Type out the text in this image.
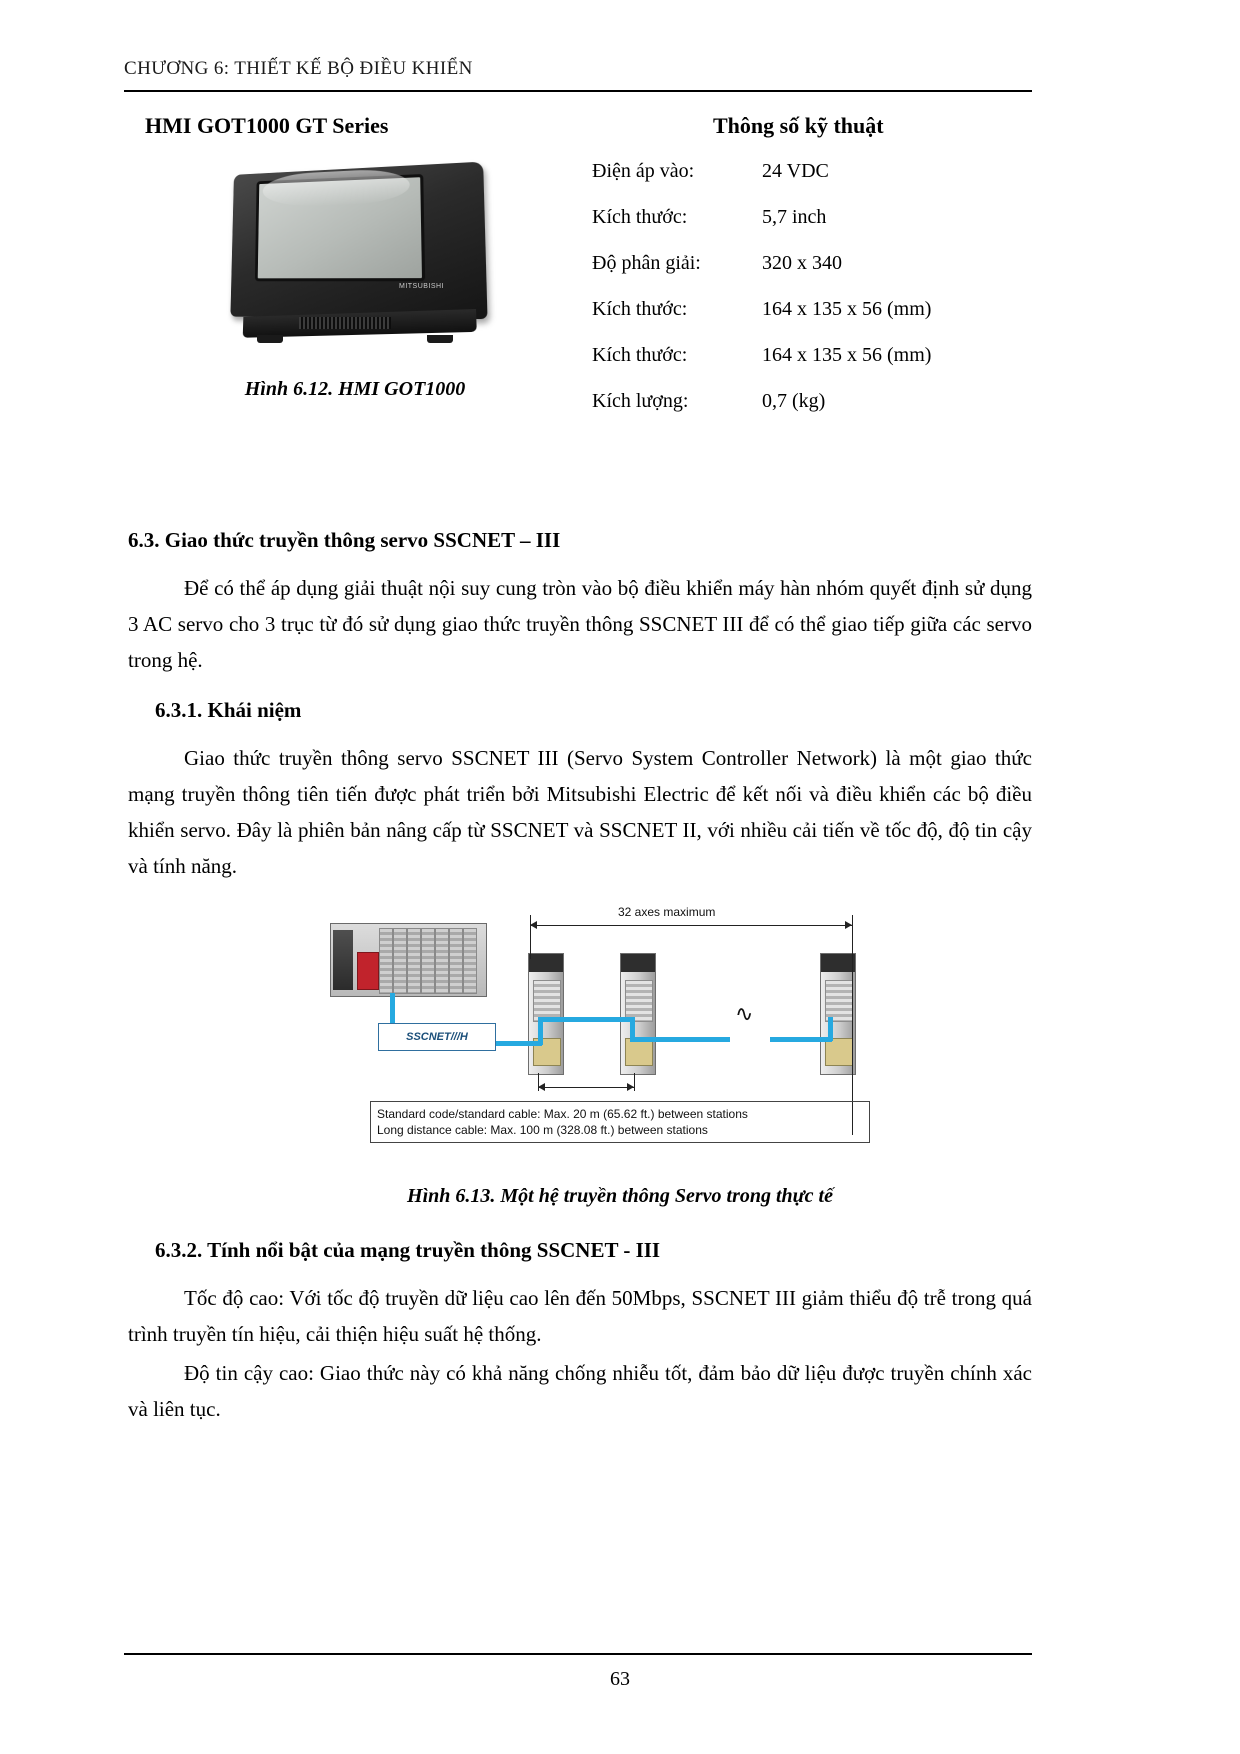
CHƯƠNG 6: THIẾT KẾ BỘ ĐIỀU KHIỂN
HMI GOT1000 GT Series	Thông số kỹ thuật
MITSUBISHI
Hình 6.12. HMI GOT1000
Điện áp vào:	24 VDC
Kích thước:	5,7 inch
Độ phân giải:	320 x 340
Kích thước:	164 x 135 x 56 (mm)
Kích thước:	164 x 135 x 56 (mm)
Kích lượng:	0,7 (kg)
6.3. Giao thức truyền thông servo SSCNET – III
Để có thể áp dụng giải thuật nội suy cung tròn vào bộ điều khiển máy hàn nhóm quyết định sử dụng 3 AC servo cho 3 trục từ đó sử dụng giao thức truyền thông SSCNET III để có thể giao tiếp giữa các servo trong hệ.
6.3.1. Khái niệm
Giao thức truyền thông servo SSCNET III (Servo System Controller Network) là một giao thức mạng truyền thông tiên tiến được phát triển bởi Mitsubishi Electric để kết nối và điều khiển các bộ điều khiển servo. Đây là phiên bản nâng cấp từ SSCNET và SSCNET II, với nhiều cải tiến về tốc độ, độ tin cậy và tính năng.
∿
SSCNET///H
32 axes maximum
Standard code/standard cable: Max. 20 m (65.62 ft.) between stations
Long distance cable: Max. 100 m (328.08 ft.) between stations
Hình 6.13. Một hệ truyền thông Servo trong thực tế
6.3.2. Tính nổi bật của mạng truyền thông SSCNET - III
Tốc độ cao: Với tốc độ truyền dữ liệu cao lên đến 50Mbps, SSCNET III giảm thiểu độ trễ trong quá trình truyền tín hiệu, cải thiện hiệu suất hệ thống.
Độ tin cậy cao: Giao thức này có khả năng chống nhiễu tốt, đảm bảo dữ liệu được truyền chính xác và liên tục.
63
